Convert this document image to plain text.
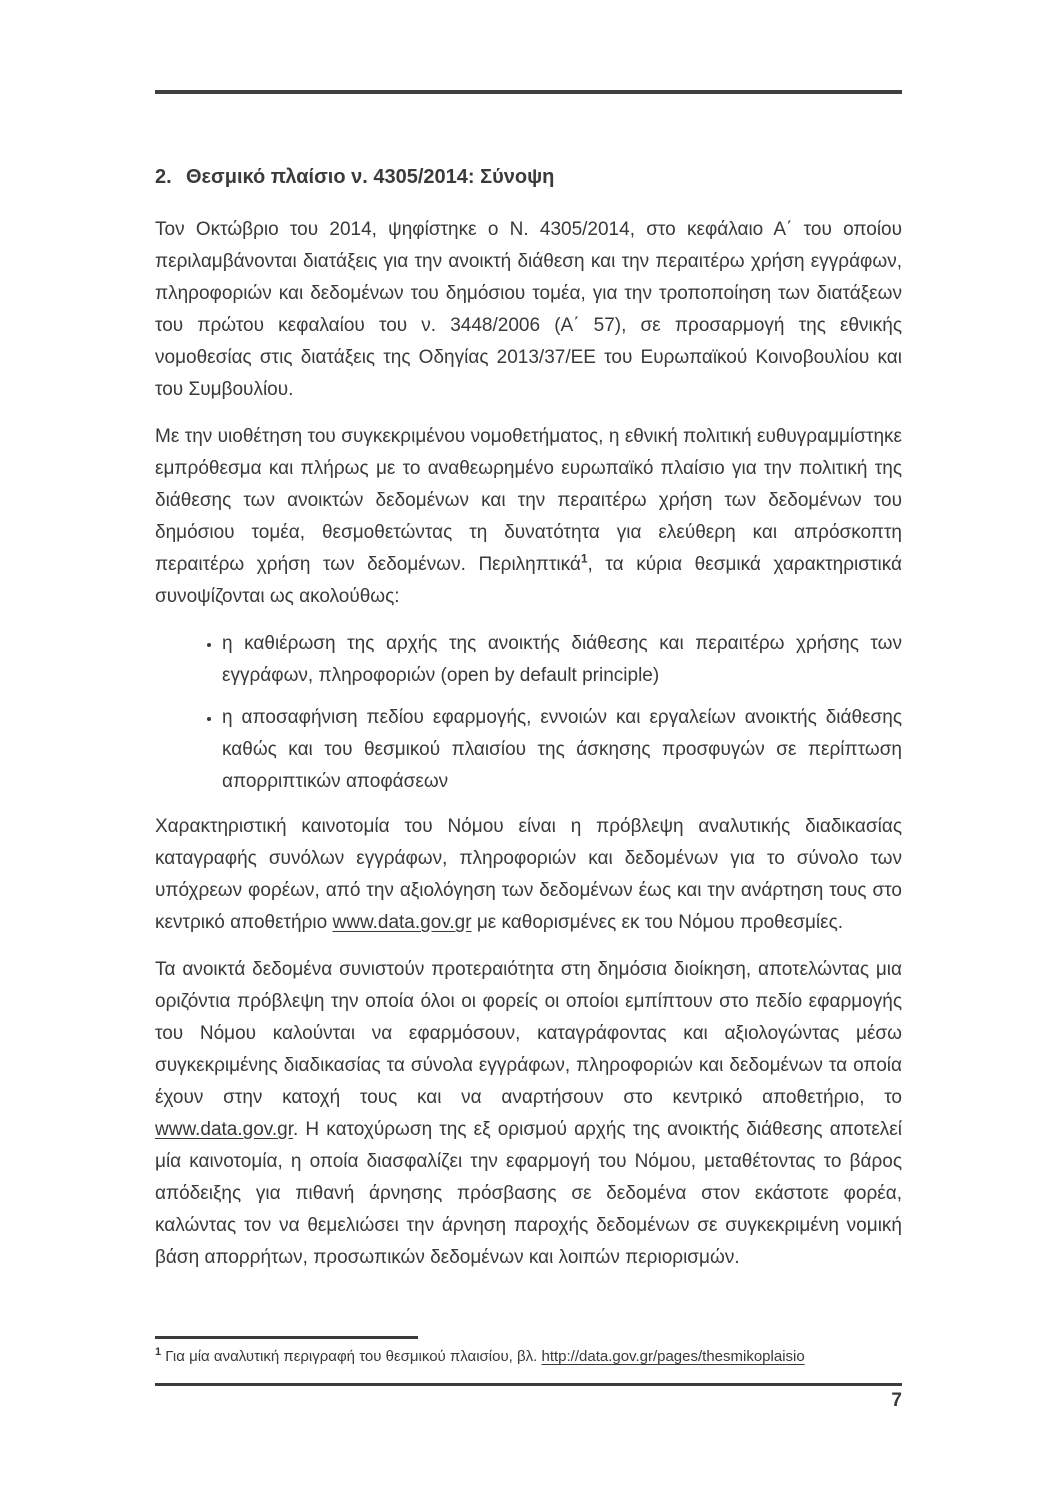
2. Θεσμικό πλαίσιο ν. 4305/2014: Σύνοψη

Τον Οκτώβριο του 2014, ψηφίστηκε ο Ν. 4305/2014, στο κεφάλαιο Α΄ του οποίου περιλαμβάνονται διατάξεις για την ανοικτή διάθεση και την περαιτέρω χρήση εγγράφων, πληροφοριών και δεδομένων του δημόσιου τομέα, για την τροποποίηση των διατάξεων του πρώτου κεφαλαίου του ν. 3448/2006 (Α΄ 57), σε προσαρμογή της εθνικής νομοθεσίας στις διατάξεις της Οδηγίας 2013/37/ΕΕ του Ευρωπαϊκού Κοινοβουλίου και του Συμβουλίου.

Με την υιοθέτηση του συγκεκριμένου νομοθετήματος, η εθνική πολιτική ευθυγραμμίστηκε εμπρόθεσμα και πλήρως με το αναθεωρημένο ευρωπαϊκό πλαίσιο για την πολιτική της διάθεσης των ανοικτών δεδομένων και την περαιτέρω χρήση των δεδομένων του δημόσιου τομέα, θεσμοθετώντας τη δυνατότητα για ελεύθερη και απρόσκοπτη περαιτέρω χρήση των δεδομένων. Περιληπτικά$^1$, τα κύρια θεσμικά χαρακτηριστικά συνοψίζονται ως ακολούθως:

• η καθιέρωση της αρχής της ανοικτής διάθεσης και περαιτέρω χρήσης των εγγράφων, πληροφοριών (open by default principle)
• η αποσαφήνιση πεδίου εφαρμογής, εννοιών και εργαλείων ανοικτής διάθεσης καθώς και του θεσμικού πλαισίου της άσκησης προσφυγών σε περίπτωση απορριπτικών αποφάσεων

Χαρακτηριστική καινοτομία του Νόμου είναι η πρόβλεψη αναλυτικής διαδικασίας καταγραφής συνόλων εγγράφων, πληροφοριών και δεδομένων για το σύνολο των υπόχρεων φορέων, από την αξιολόγηση των δεδομένων έως και την ανάρτηση τους στο κεντρικό αποθετήριο www.data.gov.gr με καθορισμένες εκ του Νόμου προθεσμίες.

Τα ανοικτά δεδομένα συνιστούν προτεραιότητα στη δημόσια διοίκηση, αποτελώντας μια οριζόντια πρόβλεψη την οποία όλοι οι φορείς οι οποίοι εμπίπτουν στο πεδίο εφαρμογής του Νόμου καλούνται να εφαρμόσουν, καταγράφοντας και αξιολογώντας μέσω συγκεκριμένης διαδικασίας τα σύνολα εγγράφων, πληροφοριών και δεδομένων τα οποία έχουν στην κατοχή τους και να αναρτήσουν στο κεντρικό αποθετήριο, το www.data.gov.gr. Η κατοχύρωση της εξ ορισμού αρχής της ανοικτής διάθεσης αποτελεί μία καινοτομία, η οποία διασφαλίζει την εφαρμογή του Νόμου, μεταθέτοντας το βάρος απόδειξης για πιθανή άρνησης πρόσβασης σε δεδομένα στον εκάστοτε φορέα, καλώντας τον να θεμελιώσει την άρνηση παροχής δεδομένων σε συγκεκριμένη νομική βάση απορρήτων, προσωπικών δεδομένων και λοιπών περιορισμών.

$^1$ Για μία αναλυτική περιγραφή του θεσμικού πλαισίου, βλ. http://data.gov.gr/pages/thesmikoplaisio
7
